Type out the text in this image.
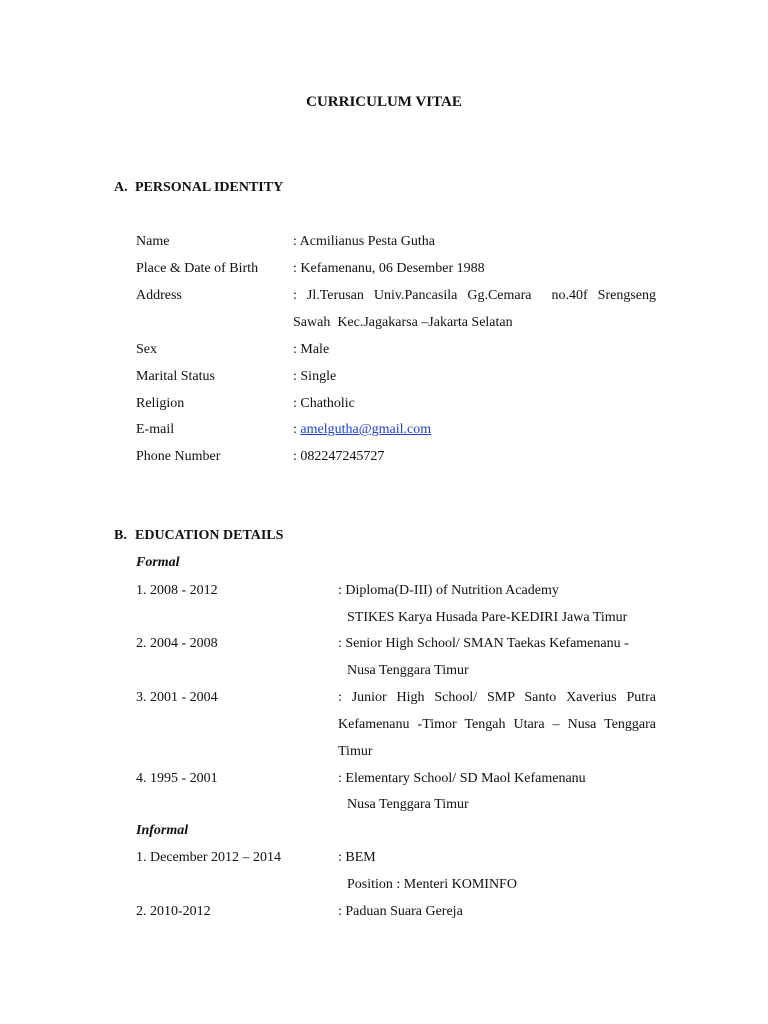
CURRICULUM VITAE
A. PERSONAL IDENTITY
Name	: Acmilianus Pesta Gutha
Place & Date of Birth : Kefamenanu, 06 Desember 1988
Address	: Jl.Terusan Univ.Pancasila Gg.Cemara  no.40f Srengseng
Sawah  Kec.Jagakarsa –Jakarta Selatan
Sex	: Male
Marital Status	: Single
Religion	: Chatholic
E-mail	: amelgutha@gmail.com
Phone Number	: 082247245727
B. EDUCATION DETAILS
Formal
1. 2008 - 2012	: Diploma(D-III) of Nutrition Academy
STIKES Karya Husada Pare-KEDIRI Jawa Timur
2. 2004 - 2008	: Senior High School/ SMAN Taekas Kefamenanu -
Nusa Tenggara Timur
3. 2001 - 2004	:  Junior  High  School/  SMP  Santo  Xaverius  Putra
Kefamenanu -Timor Tengah Utara – Nusa Tenggara
Timur
4. 1995 - 2001	: Elementary School/ SD Maol Kefamenanu
Nusa Tenggara Timur
Informal
1. December 2012 – 2014	: BEM
Position : Menteri KOMINFO
2. 2010-2012	: Paduan Suara Gereja
